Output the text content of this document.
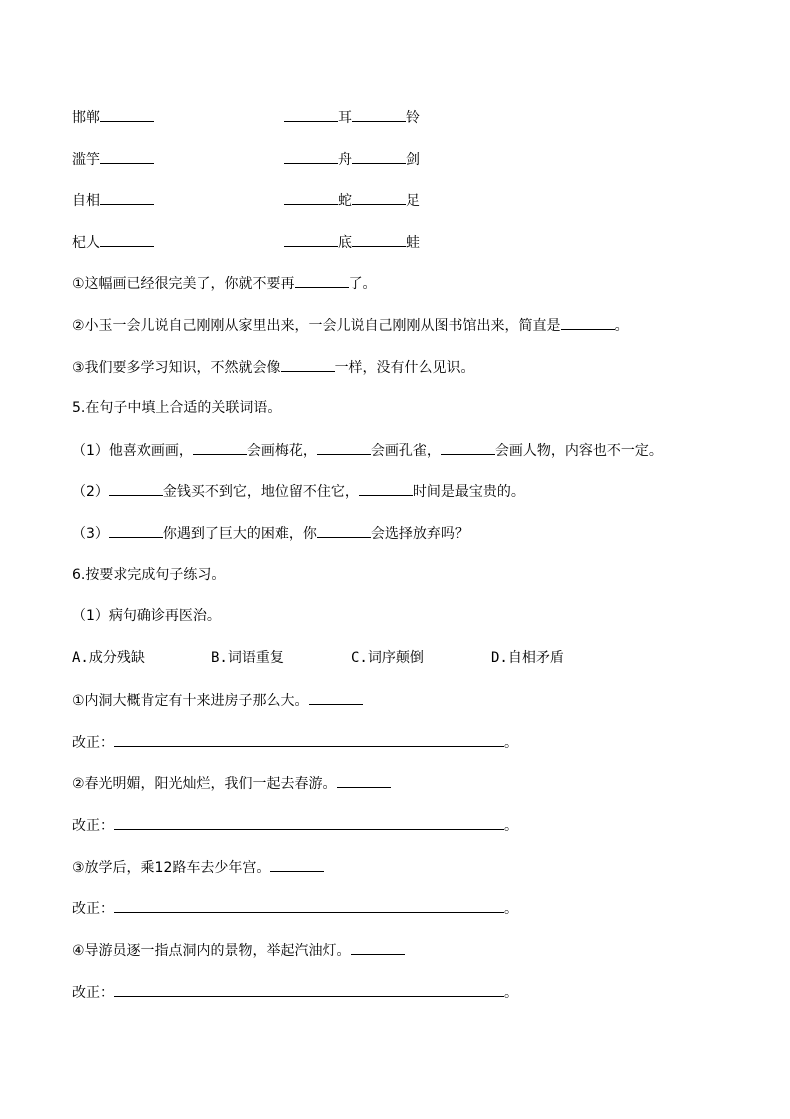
邯郸	耳	铃
滥竽	舟	剑
自相	蛇	足
杞人	底	蛙
①这幅画已经很完美了，你就不要再	了。
②小玉一会儿说自己刚刚从家里出来，一会儿说自己刚刚从图书馆出来，简直是	。
③我们要多学习知识，不然就会像	一样，没有什么见识。
5.在句子中填上合适的关联词语。
（1）他喜欢画画，	会画梅花，	会画孔雀，	会画人物，内容也不一定。
（2）	金钱买不到它，地位留不住它，	时间是最宝贵的。
（3）	你遇到了巨大的困难，你	会选择放弃吗？
6.按要求完成句子练习。
（1）病句确诊再医治。
A.成分残缺	B.词语重复	C.词序颠倒	D.自相矛盾
①内洞大概肯定有十来进房子那么大。
改正：	。
②春光明媚，阳光灿烂，我们一起去春游。
改正：	。
③放学后，乘12路车去少年宫。
改正：	。
④导游员逐一指点洞内的景物，举起汽油灯。
改正：	。
